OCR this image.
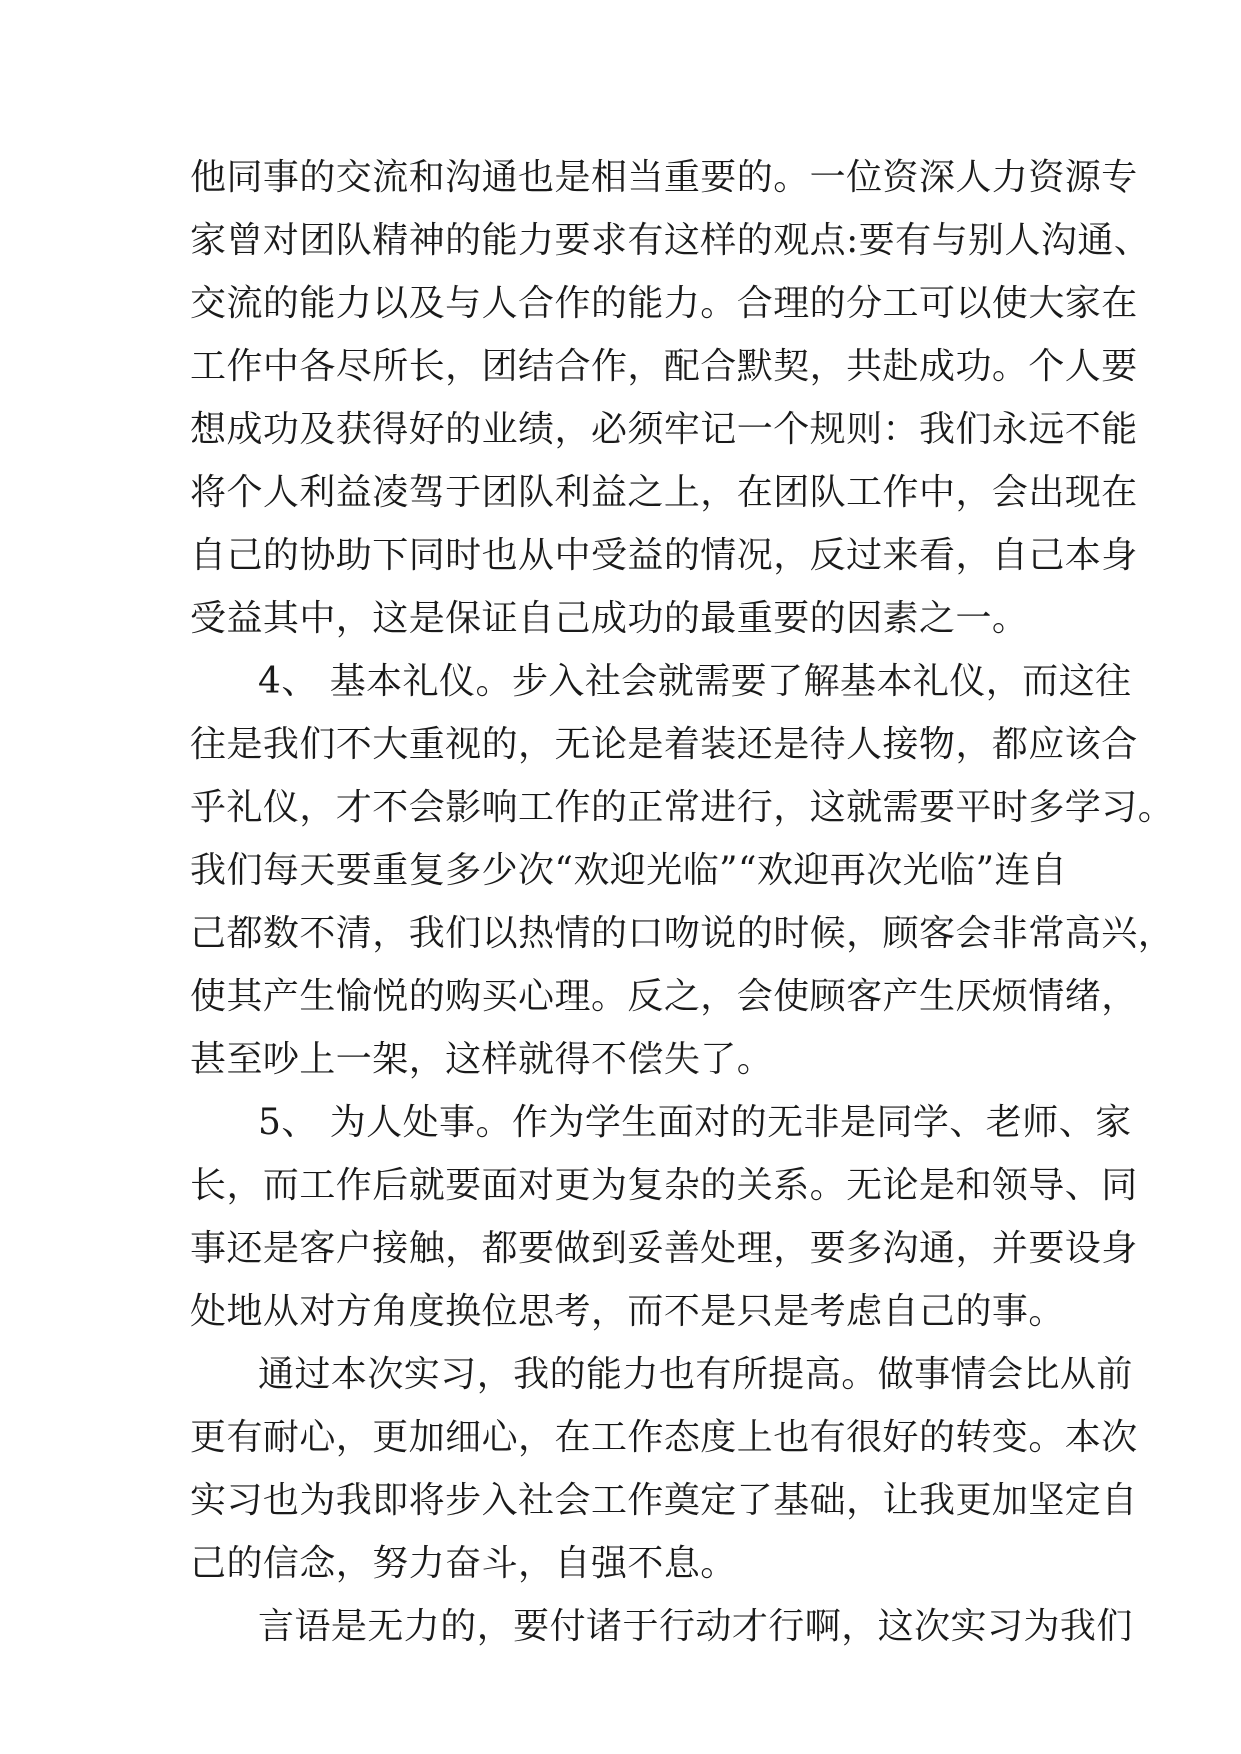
他同事的交流和沟通也是相当重要的。一位资深人力资源专
家曾对团队精神的能力要求有这样的观点:要有与别人沟通、
交流的能力以及与人合作的能力。合理的分工可以使大家在
工作中各尽所长，团结合作，配合默契，共赴成功。个人要
想成功及获得好的业绩，必须牢记一个规则：我们永远不能
将个人利益凌驾于团队利益之上，在团队工作中，会出现在
自己的协助下同时也从中受益的情况，反过来看，自己本身
受益其中，这是保证自己成功的最重要的因素之一。
4、 基本礼仪。步入社会就需要了解基本礼仪，而这往
往是我们不大重视的，无论是着装还是待人接物，都应该合
乎礼仪，才不会影响工作的正常进行，这就需要平时多学习。
我们每天要重复多少次“欢迎光临”“欢迎再次光临”连自
己都数不清，我们以热情的口吻说的时候，顾客会非常高兴，
使其产生愉悦的购买心理。反之，会使顾客产生厌烦情绪，
甚至吵上一架，这样就得不偿失了。
5、 为人处事。作为学生面对的无非是同学、老师、家
长，而工作后就要面对更为复杂的关系。无论是和领导、同
事还是客户接触，都要做到妥善处理，要多沟通，并要设身
处地从对方角度换位思考，而不是只是考虑自己的事。
通过本次实习，我的能力也有所提高。做事情会比从前
更有耐心，更加细心，在工作态度上也有很好的转变。本次
实习也为我即将步入社会工作奠定了基础，让我更加坚定自
己的信念，努力奋斗，自强不息。
言语是无力的，要付诸于行动才行啊，这次实习为我们
